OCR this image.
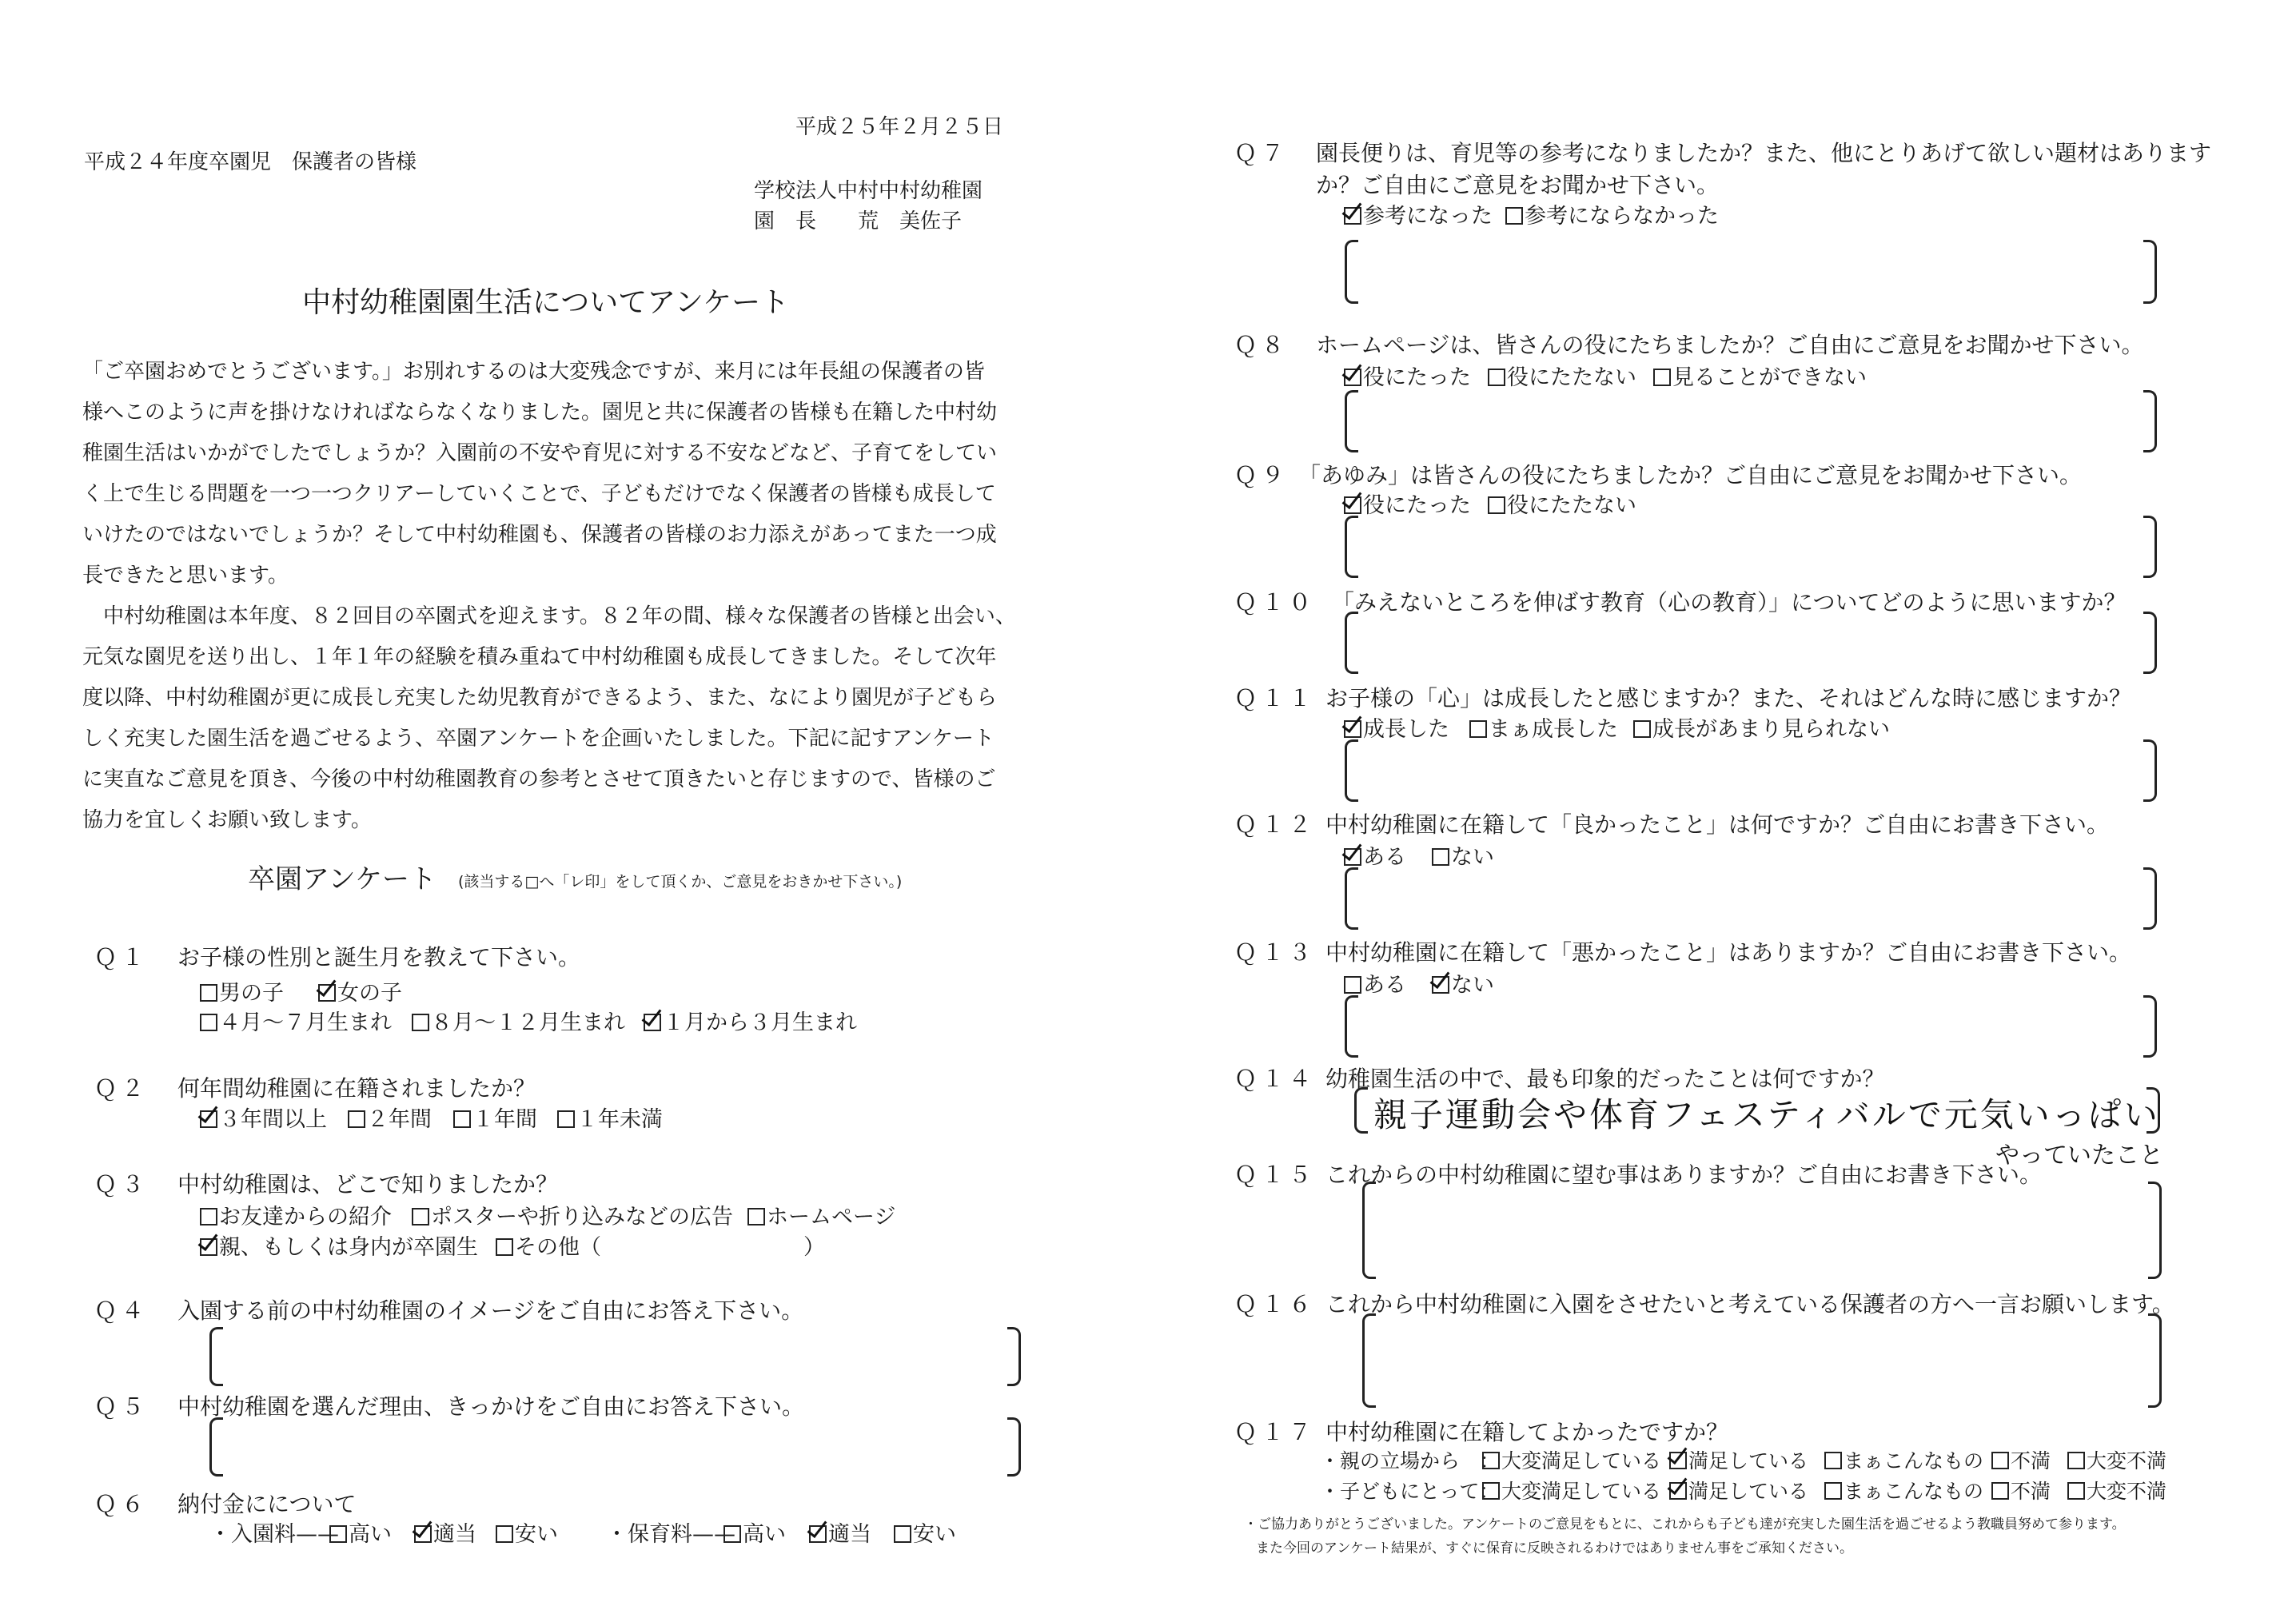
平成２５年２月２５日
平成２４年度卒園児　保護者の皆様
学校法人中村中村幼稚園
園　長　　荒　美佐子
中村幼稚園園生活についてアンケート

「ご卒園おめでとうございます。」お別れするのは大変残念ですが、来月には年長組の保護者の皆

様へこのように声を掛けなければならなくなりました。園児と共に保護者の皆様も在籍した中村幼

稚園生活はいかがでしたでしょうか？入園前の不安や育児に対する不安などなど、子育てをしてい

く上で生じる問題を一つ一つクリアーしていくことで、子どもだけでなく保護者の皆様も成長して

いけたのではないでしょうか？そして中村幼稚園も、保護者の皆様のお力添えがあってまた一つ成

長できたと思います。

　中村幼稚園は本年度、８２回目の卒園式を迎えます。８２年の間、様々な保護者の皆様と出会い、

元気な園児を送り出し、１年１年の経験を積み重ねて中村幼稚園も成長してきました。そして次年

度以降、中村幼稚園が更に成長し充実した幼児教育ができるよう、また、なにより園児が子どもら

しく充実した園生活を過ごせるよう、卒園アンケートを企画いたしました。下記に記すアンケート

に実直なご意見を頂き、今後の中村幼稚園教育の参考とさせて頂きたいと存じますので、皆様のご

協力を宜しくお願い致します。

卒園アンケート (該当する□へ「レ印」をして頂くか、ご意見をおきかせ下さい。)
Ｑ１ お子様の性別と誕生月を教えて下さい。
男の子	女の子
４月～７月生まれ	８月～１２月生まれ	１月から３月生まれ
Ｑ２ 何年間幼稚園に在籍されましたか？
３年間以上	２年間	１年間	１年未満
Ｑ３ 中村幼稚園は、どこで知りましたか？
お友達からの紹介	ポスターや折り込みなどの広告	ホームページ
親、もしくは身内が卒園生	その他（	）
Ｑ４ 入園する前の中村幼稚園のイメージをご自由にお答え下さい。
Ｑ５ 中村幼稚園を選んだ理由、きっかけをご自由にお答え下さい。
Ｑ６ 納付金にについて
・入園料—— 高い	適当	安い ・保育料—— 高い	適当	安い
Ｑ７ 園長便りは、育児等の参考になりましたか？また、他にとりあげて欲しい題材はあります
か？ご自由にご意見をお聞かせ下さい。
参考になった	参考にならなかった
Ｑ８ ホームページは、皆さんの役にたちましたか？ご自由にご意見をお聞かせ下さい。
役にたった	役にたたない	見ることができない
Ｑ９ 「あゆみ」は皆さんの役にたちましたか？ご自由にご意見をお聞かせ下さい。
役にたった	役にたたない
Ｑ１０ 「みえないところを伸ばす教育（心の教育）」についてどのように思いますか？
Ｑ１１ お子様の「心」は成長したと感じますか？また、それはどんな時に感じますか？
成長した	まぁ成長した	成長があまり見られない
Ｑ１２ 中村幼稚園に在籍して「良かったこと」は何ですか？ご自由にお書き下さい。
ある	ない
Ｑ１３ 中村幼稚園に在籍して「悪かったこと」はありますか？ご自由にお書き下さい。
ある	ない
Ｑ１４ 幼稚園生活の中で、最も印象的だったことは何ですか？
親子運動会や体育フェスティバルで元気いっぱい
やっていたこと
Ｑ１５ これからの中村幼稚園に望む事はありますか？ご自由にお書き下さい。
Ｑ１６ これから中村幼稚園に入園をさせたいと考えている保護者の方へ一言お願いします。
Ｑ１７ 中村幼稚園に在籍してよかったですか？
・親の立場から　： 大変満足している	満足している	まぁこんなもの	不満	大変不満
・子どもにとって： 大変満足している	満足している	まぁこんなもの	不満	大変不満
・ご協力ありがとうございました。アンケートのご意見をもとに、これからも子ども達が充実した園生活を過ごせるよう教職員努めて参ります。
また今回のアンケート結果が、すぐに保育に反映されるわけではありません事をご承知ください。
